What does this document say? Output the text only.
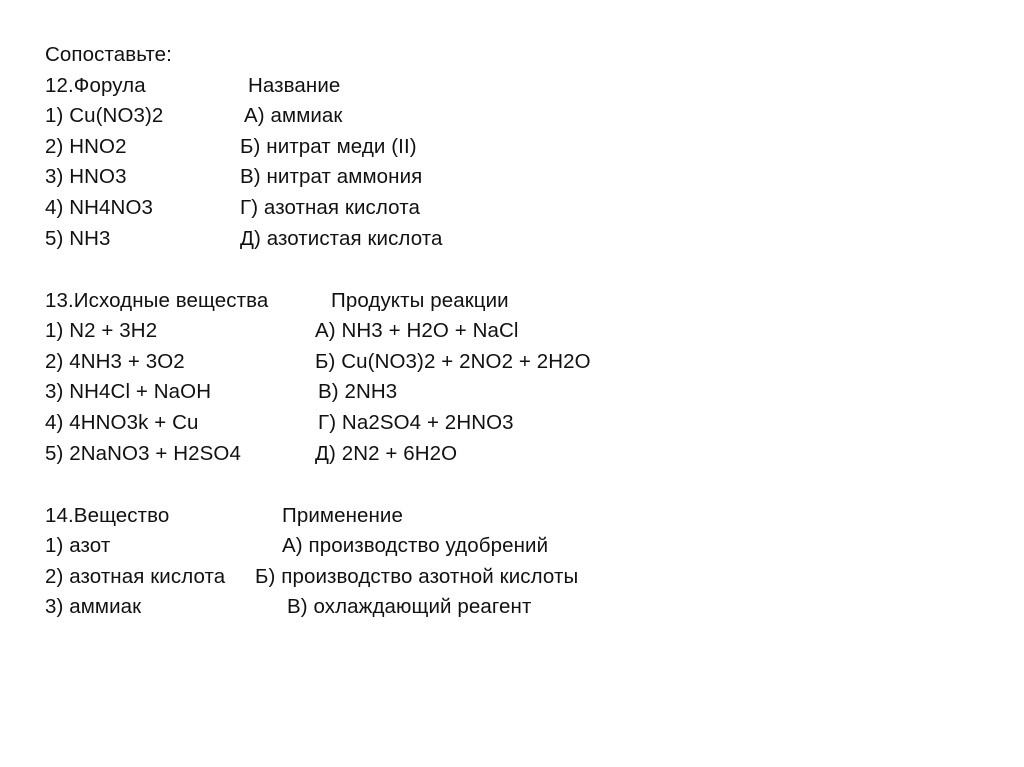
Сопоставьте:
12.Форула	Название
1) Cu(NO3)2	А) аммиак
2) HNO2	Б) нитрат меди (II)
3) HNO3	В) нитрат аммония
4) NH4NO3	Г) азотная кислота
5) NH3	Д) азотистая кислота
13.Исходные вещества	Продукты реакции
1) N2 + 3H2	А) NH3 + H2O + NaCl
2) 4NH3 + 3O2	Б) Cu(NO3)2 + 2NO2 + 2H2O
3) NH4Cl + NaOH	В) 2NH3
4) 4HNO3k + Cu	Г) Na2SO4 + 2HNO3
5) 2NaNO3 + H2SO4	Д) 2N2 + 6H2O
14.Вещество	Применение
1) азот	А) производство удобрений
2) азотная кислота Б) производство азотной кислоты
3) аммиак	В) охлаждающий реагент
